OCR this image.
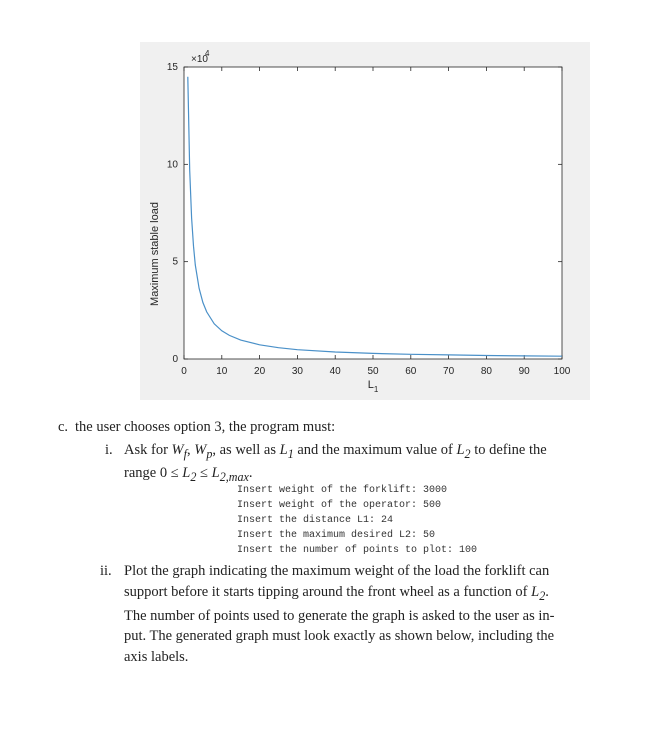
0	10	20	30	40	50	60	70	80	90 100
0
5
10
15
×10
4
Maximum stable load
$L_1$
c. the user chooses option 3, the program must:
i. Ask for $W_f$, $W_p$, as well as $L_1$ and the maximum value of $L_2$ to define the
range $0 \le L_2 \le L_{2,max}$.
Insert weight of the forklift: 3000
Insert weight of the operator: 500
Insert the distance L1: 24
Insert the maximum desired L2: 50
Insert the number of points to plot: 100
ii. Plot the graph indicating the maximum weight of the load the forklift can
support before it starts tipping around the front wheel as a function of $L_2$.
The number of points used to generate the graph is asked to the user as in-
put. The generated graph must look exactly as shown below, including the
axis labels.
